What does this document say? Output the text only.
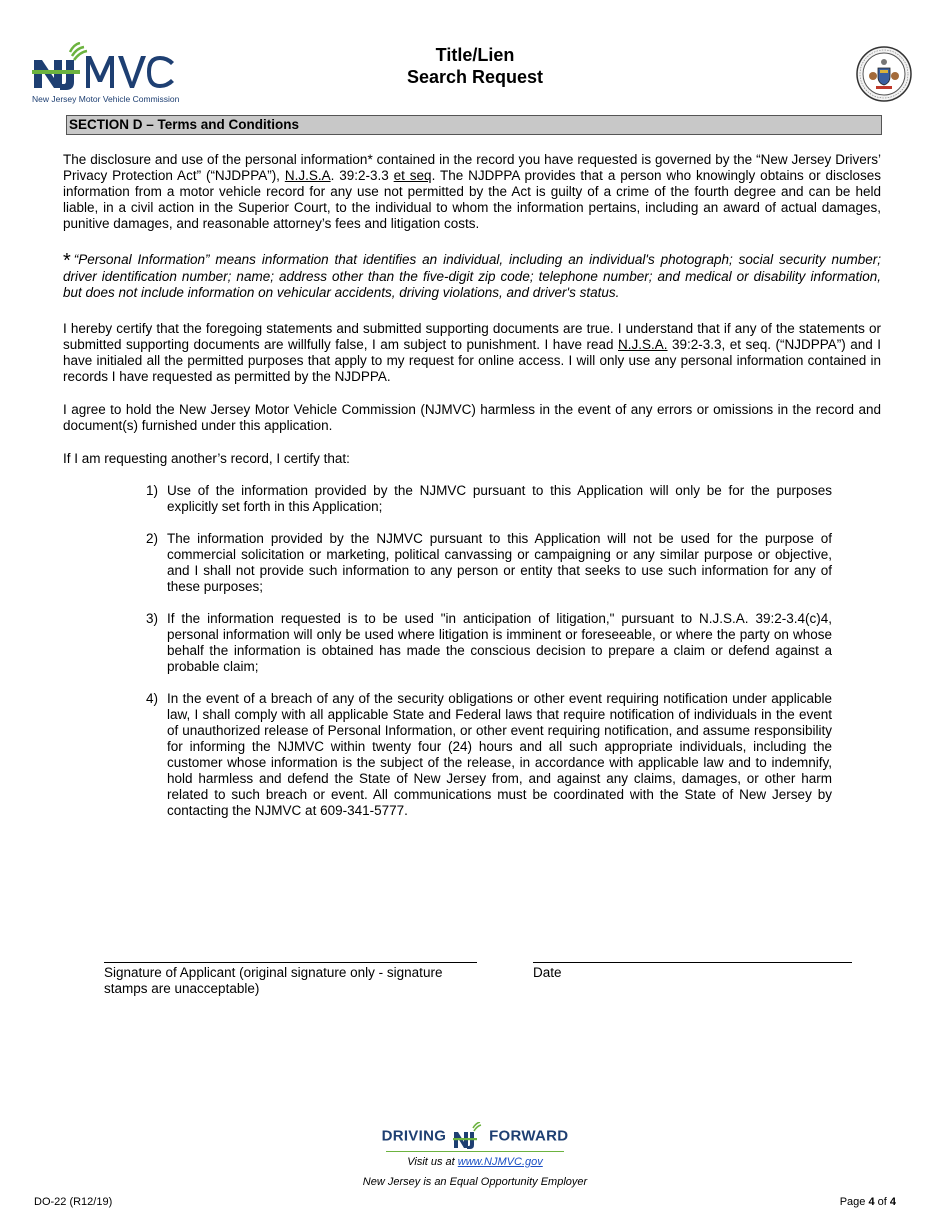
New Jersey Motor Vehicle Commission
Title/Lien
Search Request
SECTION D – Terms and Conditions
The disclosure and use of the personal information* contained in the record you have requested is governed by the “New Jersey Drivers’ Privacy Protection Act” (“NJDPPA”), N.J.S.A. 39:2-3.3 et seq. The NJDPPA provides that a person who knowingly obtains or discloses information from a motor vehicle record for any use not permitted by the Act is guilty of a crime of the fourth degree and can be held liable, in a civil action in the Superior Court, to the individual to whom the information pertains, including an award of actual damages, punitive damages, and reasonable attorney’s fees and litigation costs.
* “Personal Information” means information that identifies an individual, including an individual's photograph; social security number; driver identification number; name; address other than the five-digit zip code; telephone number; and medical or disability information, but does not include information on vehicular accidents, driving violations, and driver's status.
I hereby certify that the foregoing statements and submitted supporting documents are true. I understand that if any of the statements or submitted supporting documents are willfully false, I am subject to punishment. I have read N.J.S.A. 39:2-3.3, et seq. (“NJDPPA”) and I have initialed all the permitted purposes that apply to my request for online access. I will only use any personal information contained in records I have requested as permitted by the NJDPPA.
I agree to hold the New Jersey Motor Vehicle Commission (NJMVC) harmless in the event of any errors or omissions in the record and document(s) furnished under this application.
If I am requesting another’s record, I certify that:
1) Use of the information provided by the NJMVC pursuant to this Application will only be for the purposes explicitly set forth in this Application;
2) The information provided by the NJMVC pursuant to this Application will not be used for the purpose of commercial solicitation or marketing, political canvassing or campaigning or any similar purpose or objective, and I shall not provide such information to any person or entity that seeks to use such information for any of these purposes;
3) If the information requested is to be used "in anticipation of litigation," pursuant to N.J.S.A. 39:2-3.4(c)4, personal information will only be used where litigation is imminent or foreseeable, or where the party on whose behalf the information is obtained has made the conscious decision to prepare a claim or defend against a probable claim;
4) In the event of a breach of any of the security obligations or other event requiring notification under applicable law, I shall comply with all applicable State and Federal laws that require notification of individuals in the event of unauthorized release of Personal Information, or other event requiring notification, and assume responsibility for informing the NJMVC within twenty four (24) hours and all such appropriate individuals, including the customer whose information is the subject of the release, in accordance with applicable law and to indemnify, hold harmless and defend the State of New Jersey from, and against any claims, damages, or other harm related to such breach or event. All communications must be coordinated with the State of New Jersey by contacting the NJMVC at 609-341-5777.
Signature of Applicant (original signature only - signature
stamps are unacceptable)
Date
DRIVING	FORWARD
Visit us at www.NJMVC.gov
New Jersey is an Equal Opportunity Employer
DO-22 (R12/19)	Page 4 of 4
